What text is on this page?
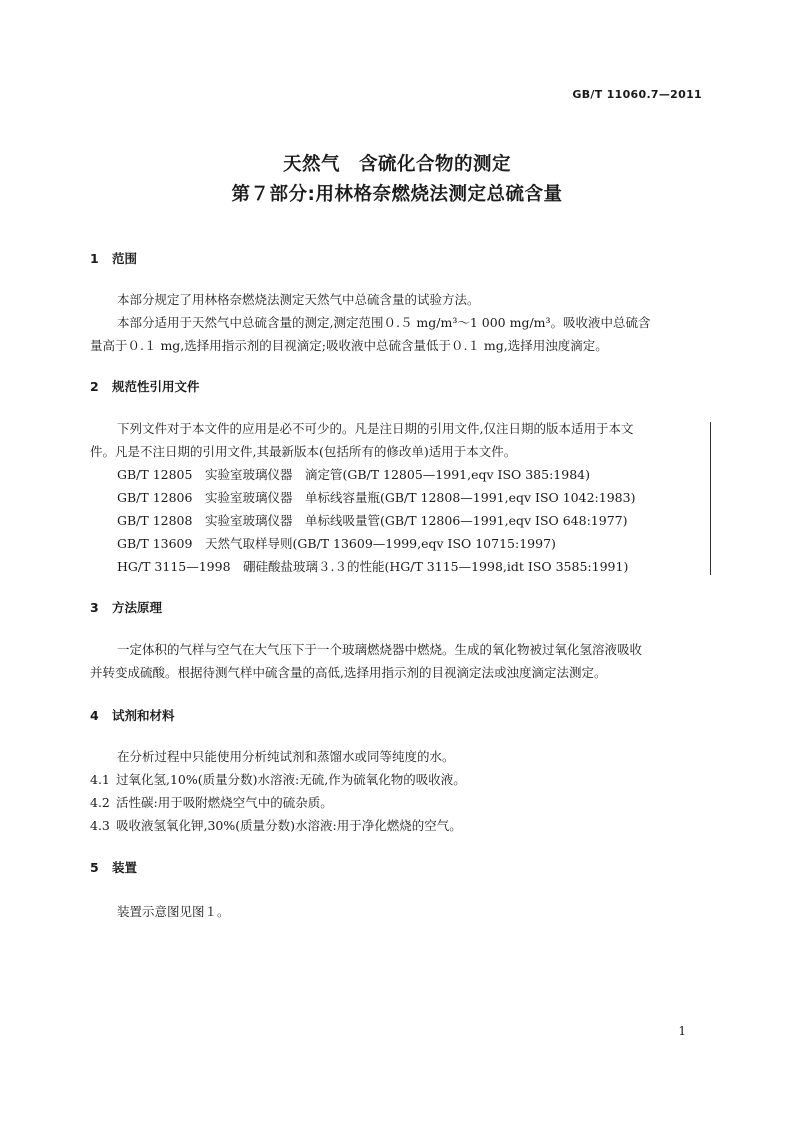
GB/T 11060.7—2011
天然气　含硫化合物的测定
第７部分:用林格奈燃烧法测定总硫含量
1 范围
本部分规定了用林格奈燃烧法测定天然气中总硫含量的试验方法。
本部分适用于天然气中总硫含量的测定,测定范围０.５ mg/m³～1 000 mg/m³。吸收液中总硫含
量高于０.１ mg,选择用指示剂的目视滴定;吸收液中总硫含量低于０.１ mg,选择用浊度滴定。
2 规范性引用文件
下列文件对于本文件的应用是必不可少的。凡是注日期的引用文件,仅注日期的版本适用于本文
件。凡是不注日期的引用文件,其最新版本(包括所有的修改单)适用于本文件。
GB/T 12805　实验室玻璃仪器　滴定管(GB/T 12805—1991,eqv ISO 385:1984)
GB/T 12806　实验室玻璃仪器　单标线容量瓶(GB/T 12808—1991,eqv ISO 1042:1983)
GB/T 12808　实验室玻璃仪器　单标线吸量管(GB/T 12806—1991,eqv ISO 648:1977)
GB/T 13609　天然气取样导则(GB/T 13609—1999,eqv ISO 10715:1997)
HG/T 3115—1998　硼硅酸盐玻璃３.３的性能(HG/T 3115—1998,idt ISO 3585:1991)
3 方法原理
一定体积的气样与空气在大气压下于一个玻璃燃烧器中燃烧。生成的氧化物被过氧化氢溶液吸收
并转变成硫酸。根据待测气样中硫含量的高低,选择用指示剂的目视滴定法或浊度滴定法测定。
4 试剂和材料
在分析过程中只能使用分析纯试剂和蒸馏水或同等纯度的水。
4.1 过氧化氢,10%(质量分数)水溶液:无硫,作为硫氧化物的吸收液。
4.2 活性碳:用于吸附燃烧空气中的硫杂质。
4.3 吸收液氢氧化钾,30%(质量分数)水溶液:用于净化燃烧的空气。
5 装置
装置示意图见图１。
1
